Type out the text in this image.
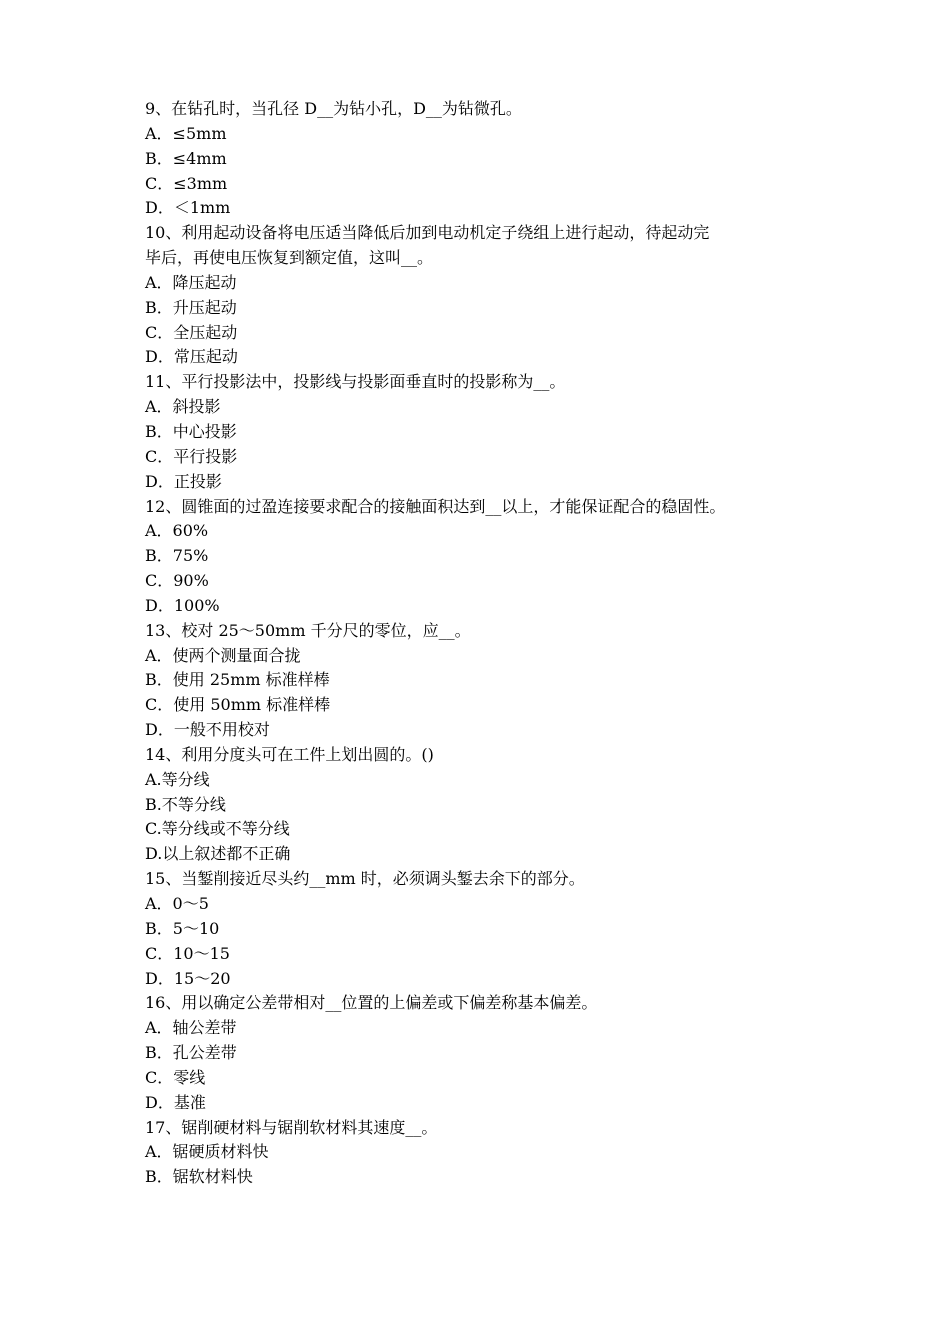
9、在钻孔时，当孔径 D__为钻小孔，D__为钻微孔。
A．≤5mm
B．≤4mm
C．≤3mm
D．＜1mm
10、利用起动设备将电压适当降低后加到电动机定子绕组上进行起动，待起动完
毕后，再使电压恢复到额定值，这叫__。
A．降压起动
B．升压起动
C．全压起动
D．常压起动
11、平行投影法中，投影线与投影面垂直时的投影称为__。
A．斜投影
B．中心投影
C．平行投影
D．正投影
12、圆锥面的过盈连接要求配合的接触面积达到__以上，才能保证配合的稳固性。
A．60%
B．75%
C．90%
D．100%
13、校对 25～50mm 千分尺的零位，应__。
A．使两个测量面合拢
B．使用 25mm 标准样棒
C．使用 50mm 标准样棒
D．一般不用校对
14、利用分度头可在工件上划出圆的。()
A.等分线
B.不等分线
C.等分线或不等分线
D.以上叙述都不正确
15、当錾削接近尽头约__mm 时，必须调头錾去余下的部分。
A．0～5
B．5～10
C．10～15
D．15～20
16、用以确定公差带相对__位置的上偏差或下偏差称基本偏差。
A．轴公差带
B．孔公差带
C．零线
D．基准
17、锯削硬材料与锯削软材料其速度__。
A．锯硬质材料快
B．锯软材料快
